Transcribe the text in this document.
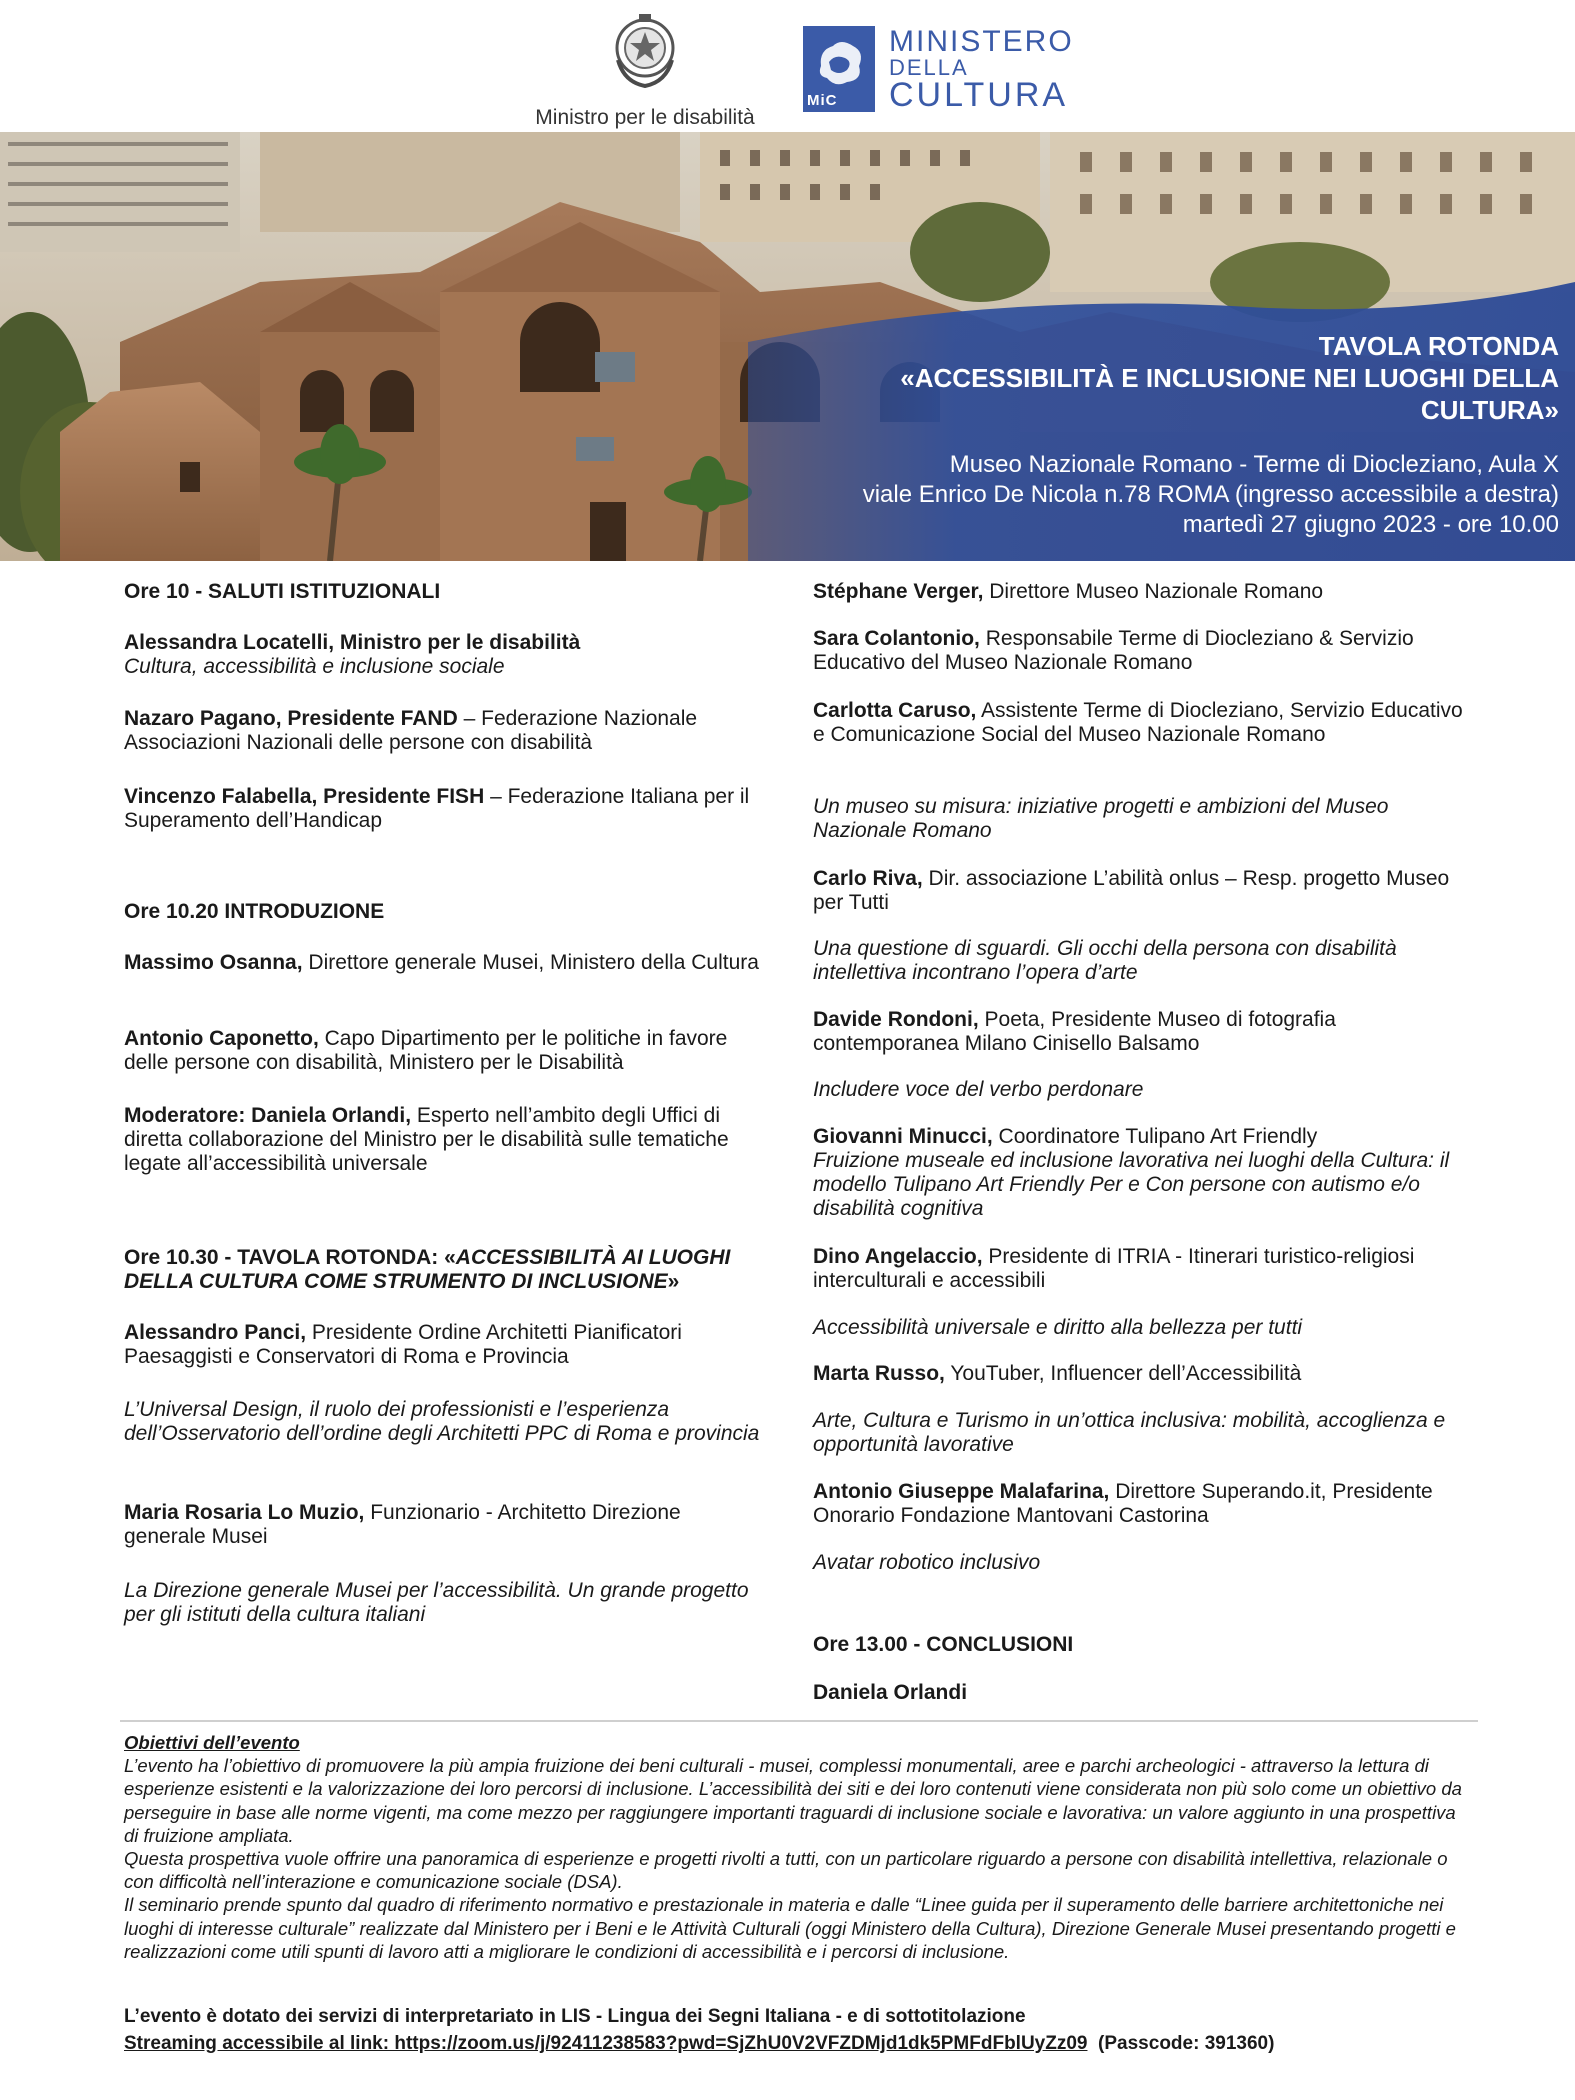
Ministro per le disabilità
MiC
MINISTERO
DELLA
CULTURA
TAVOLA ROTONDA
«ACCESSIBILITÀ E INCLUSIONE NEI LUOGHI DELLA CULTURA»
Museo Nazionale Romano - Terme di Diocleziano, Aula X
viale Enrico De Nicola n.78 ROMA (ingresso accessibile a destra)
martedì 27 giugno 2023 - ore 10.00
Ore 10 - SALUTI ISTITUZIONALI
Alessandra Locatelli, Ministro per le disabilità
Cultura, accessibilità e inclusione sociale
Nazaro Pagano, Presidente FAND – Federazione Nazionale Associazioni Nazionali delle persone con disabilità
Vincenzo Falabella, Presidente FISH – Federazione Italiana per il Superamento dell’Handicap
Ore 10.20 INTRODUZIONE
Massimo Osanna, Direttore generale Musei, Ministero della Cultura
Antonio Caponetto, Capo Dipartimento per le politiche in favore delle persone con disabilità, Ministero per le Disabilità
Moderatore: Daniela Orlandi, Esperto nell’ambito degli Uffici di diretta collaborazione del Ministro per le disabilità sulle tematiche legate all’accessibilità universale
Ore 10.30 - TAVOLA ROTONDA: «ACCESSIBILITÀ AI LUOGHI DELLA CULTURA COME STRUMENTO DI INCLUSIONE»
Alessandro Panci, Presidente Ordine Architetti Pianificatori Paesaggisti e Conservatori di Roma e Provincia
L’Universal Design, il ruolo dei professionisti e l’esperienza dell’Osservatorio dell’ordine degli Architetti PPC di Roma e provincia
Maria Rosaria Lo Muzio, Funzionario - Architetto Direzione generale Musei
La Direzione generale Musei per l’accessibilità. Un grande progetto per gli istituti della cultura italiani
Stéphane Verger, Direttore Museo Nazionale Romano
Sara Colantonio, Responsabile Terme di Diocleziano & Servizio Educativo del Museo Nazionale Romano
Carlotta Caruso, Assistente Terme di Diocleziano, Servizio Educativo e Comunicazione Social del Museo Nazionale Romano
Un museo su misura: iniziative progetti e ambizioni del Museo Nazionale Romano
Carlo Riva, Dir. associazione L’abilità onlus – Resp. progetto Museo per Tutti
Una questione di sguardi. Gli occhi della persona con disabilità intellettiva incontrano l’opera d’arte
Davide Rondoni, Poeta, Presidente Museo di fotografia contemporanea Milano Cinisello Balsamo
Includere voce del verbo perdonare
Giovanni Minucci, Coordinatore Tulipano Art Friendly
Fruizione museale ed inclusione lavorativa nei luoghi della Cultura: il modello Tulipano Art Friendly Per e Con persone con autismo e/o disabilità cognitiva
Dino Angelaccio, Presidente di ITRIA - Itinerari turistico-religiosi interculturali e accessibili
Accessibilità universale e diritto alla bellezza per tutti
Marta Russo, YouTuber, Influencer dell’Accessibilità
Arte, Cultura e Turismo in un’ottica inclusiva: mobilità, accoglienza e opportunità lavorative
Antonio Giuseppe Malafarina, Direttore Superando.it, Presidente Onorario Fondazione Mantovani Castorina
Avatar robotico inclusivo
Ore 13.00 - CONCLUSIONI
Daniela Orlandi
Obiettivi dell’evento
L’evento ha l’obiettivo di promuovere la più ampia fruizione dei beni culturali - musei, complessi monumentali, aree e parchi archeologici - attraverso la lettura di esperienze esistenti e la valorizzazione dei loro percorsi di inclusione. L’accessibilità dei siti e dei loro contenuti viene considerata non più solo come un obiettivo da perseguire in base alle norme vigenti, ma come mezzo per raggiungere importanti traguardi di inclusione sociale e lavorativa: un valore aggiunto in una prospettiva di fruizione ampliata.
Questa prospettiva vuole offrire una panoramica di esperienze e progetti rivolti a tutti, con un particolare riguardo a persone con disabilità intellettiva, relazionale o con difficoltà nell’interazione e comunicazione sociale (DSA).
Il seminario prende spunto dal quadro di riferimento normativo e prestazionale in materia e dalle “Linee guida per il superamento delle barriere architettoniche nei luoghi di interesse culturale” realizzate dal Ministero per i Beni e le Attività Culturali (oggi Ministero della Cultura), Direzione Generale Musei presentando progetti e realizzazioni come utili spunti di lavoro atti a migliorare le condizioni di accessibilità e i percorsi di inclusione.
L’evento è dotato dei servizi di interpretariato in LIS - Lingua dei Segni Italiana - e di sottotitolazione
Streaming accessibile al link: https://zoom.us/j/92411238583?pwd=SjZhU0V2VFZDMjd1dk5PMFdFblUyZz09 (Passcode: 391360)
